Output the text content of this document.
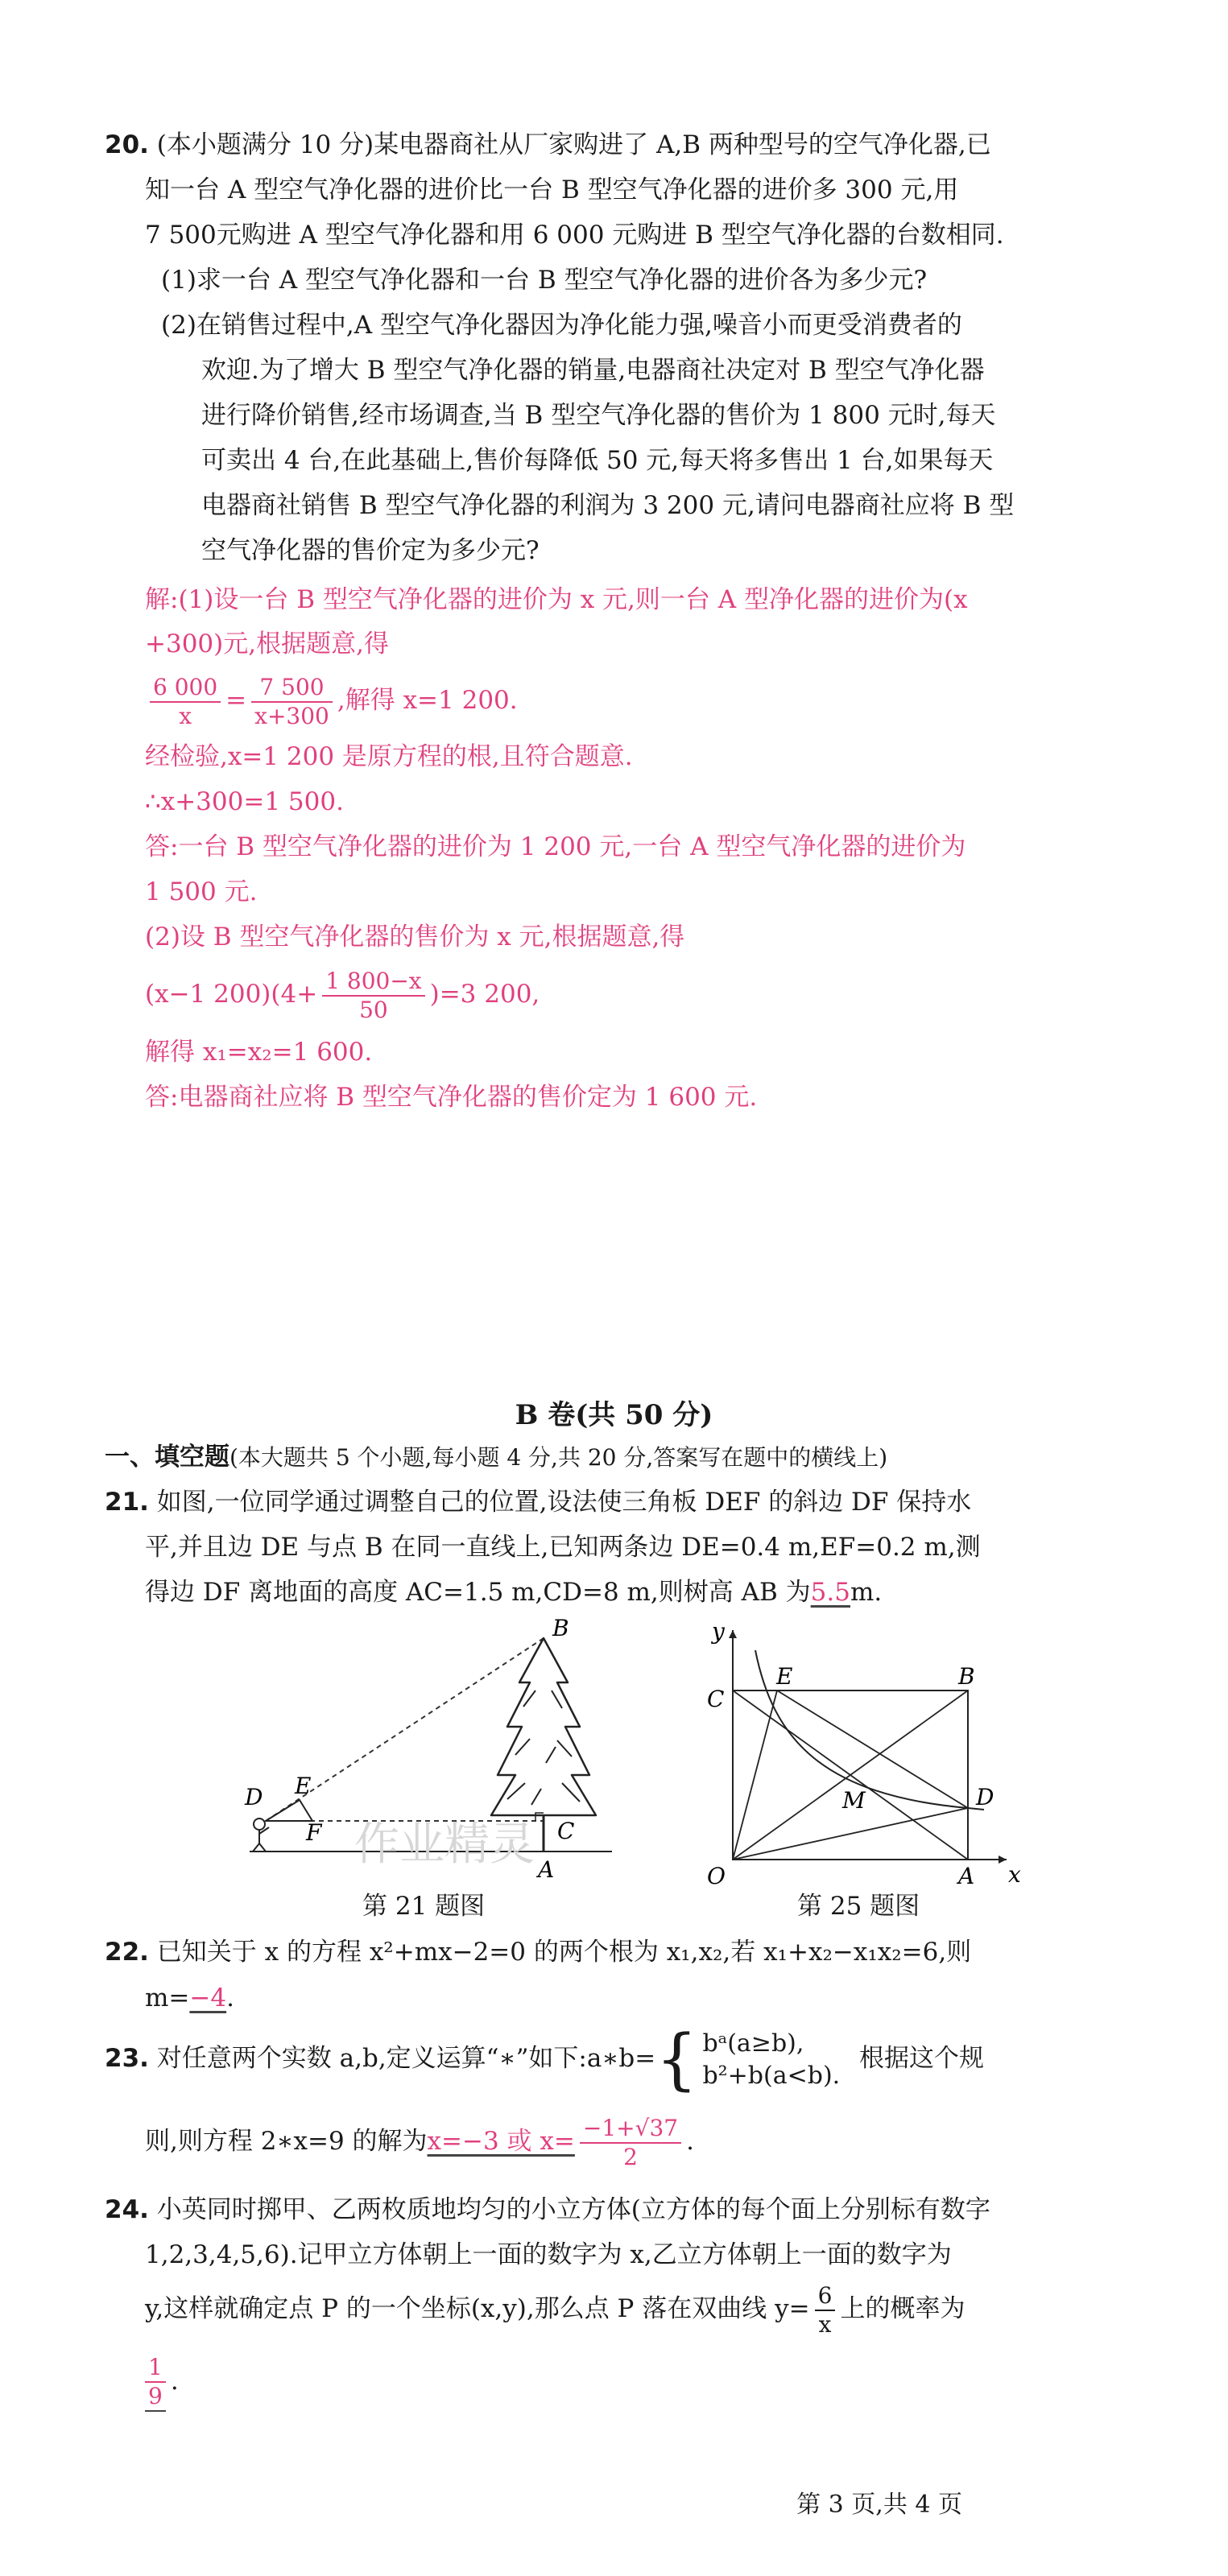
20. (本小题满分 10 分)某电器商社从厂家购进了 A,B 两种型号的空气净化器,已
知一台 A 型空气净化器的进价比一台 B 型空气净化器的进价多 300 元,用
7 500元购进 A 型空气净化器和用 6 000 元购进 B 型空气净化器的台数相同.
(1)求一台 A 型空气净化器和一台 B 型空气净化器的进价各为多少元?
(2)在销售过程中,A 型空气净化器因为净化能力强,噪音小而更受消费者的
欢迎.为了增大 B 型空气净化器的销量,电器商社决定对 B 型空气净化器
进行降价销售,经市场调查,当 B 型空气净化器的售价为 1 800 元时,每天
可卖出 4 台,在此基础上,售价每降低 50 元,每天将多售出 1 台,如果每天
电器商社销售 B 型空气净化器的利润为 3 200 元,请问电器商社应将 B 型
空气净化器的售价定为多少元?
解:(1)设一台 B 型空气净化器的进价为 x 元,则一台 A 型净化器的进价为(x
+300)元,根据题意,得
$\frac{6 000}{x} = \frac{7 500}{x+300}$ ,解得 x=1 200.
经检验,x=1 200 是原方程的根,且符合题意.
∴x+300=1 500.
答:一台 B 型空气净化器的进价为 1 200 元,一台 A 型空气净化器的进价为
1 500 元.
(2)设 B 型空气净化器的售价为 x 元,根据题意,得
(x−1 $200)(4+ \frac{1 800-x}{50} )=3$ 200,
解得 x₁=x₂=1 600.
答:电器商社应将 B 型空气净化器的售价定为 1 600 元.
B 卷(共 50 分)
一、填空题(本大题共 5 个小题,每小题 4 分,共 20 分,答案写在题中的横线上)
21. 如图,一位同学通过调整自己的位置,设法使三角板 DEF 的斜边 DF 保持水
平,并且边 DE 与点 B 在同一直线上,已知两条边 DE=0.4 m,EF=0.2 m,测
得边 DF 离地面的高度 AC=1.5 m,CD=8 m,则树高 AB 为5.5m.
B
D E
F	C
A
作业精灵
第 21 题图
y
x
O
C
E	B
M	D
A
第 25 题图
22. 已知关于 x 的方程 x²+mx−2=0 的两个根为 x₁,x₂,若 x₁+x₂−x₁x₂=6,则
m=−4.
23. 对任意两个实数 a,b,定义运算“∗”如下:a∗b={ bᵃ(a≥b),
b²+b(a<b).
根据这个规
则,则方程 2∗x=9 的解为x=−3 或 $x= \frac{-1+√37}{2}$ .
24. 小英同时掷甲、乙两枚质地均匀的小立方体(立方体的每个面上分别标有数字
1,2,3,4,5,6).记甲立方体朝上一面的数字为 x,乙立方体朝上一面的数字为
y,这样就确定点 P 的一个坐标(x,y),那么点 P 落在双曲线 $y= \frac{6}{x}$ 上的概率为
$\frac{1}{9}$ .
第 3 页,共 4 页
